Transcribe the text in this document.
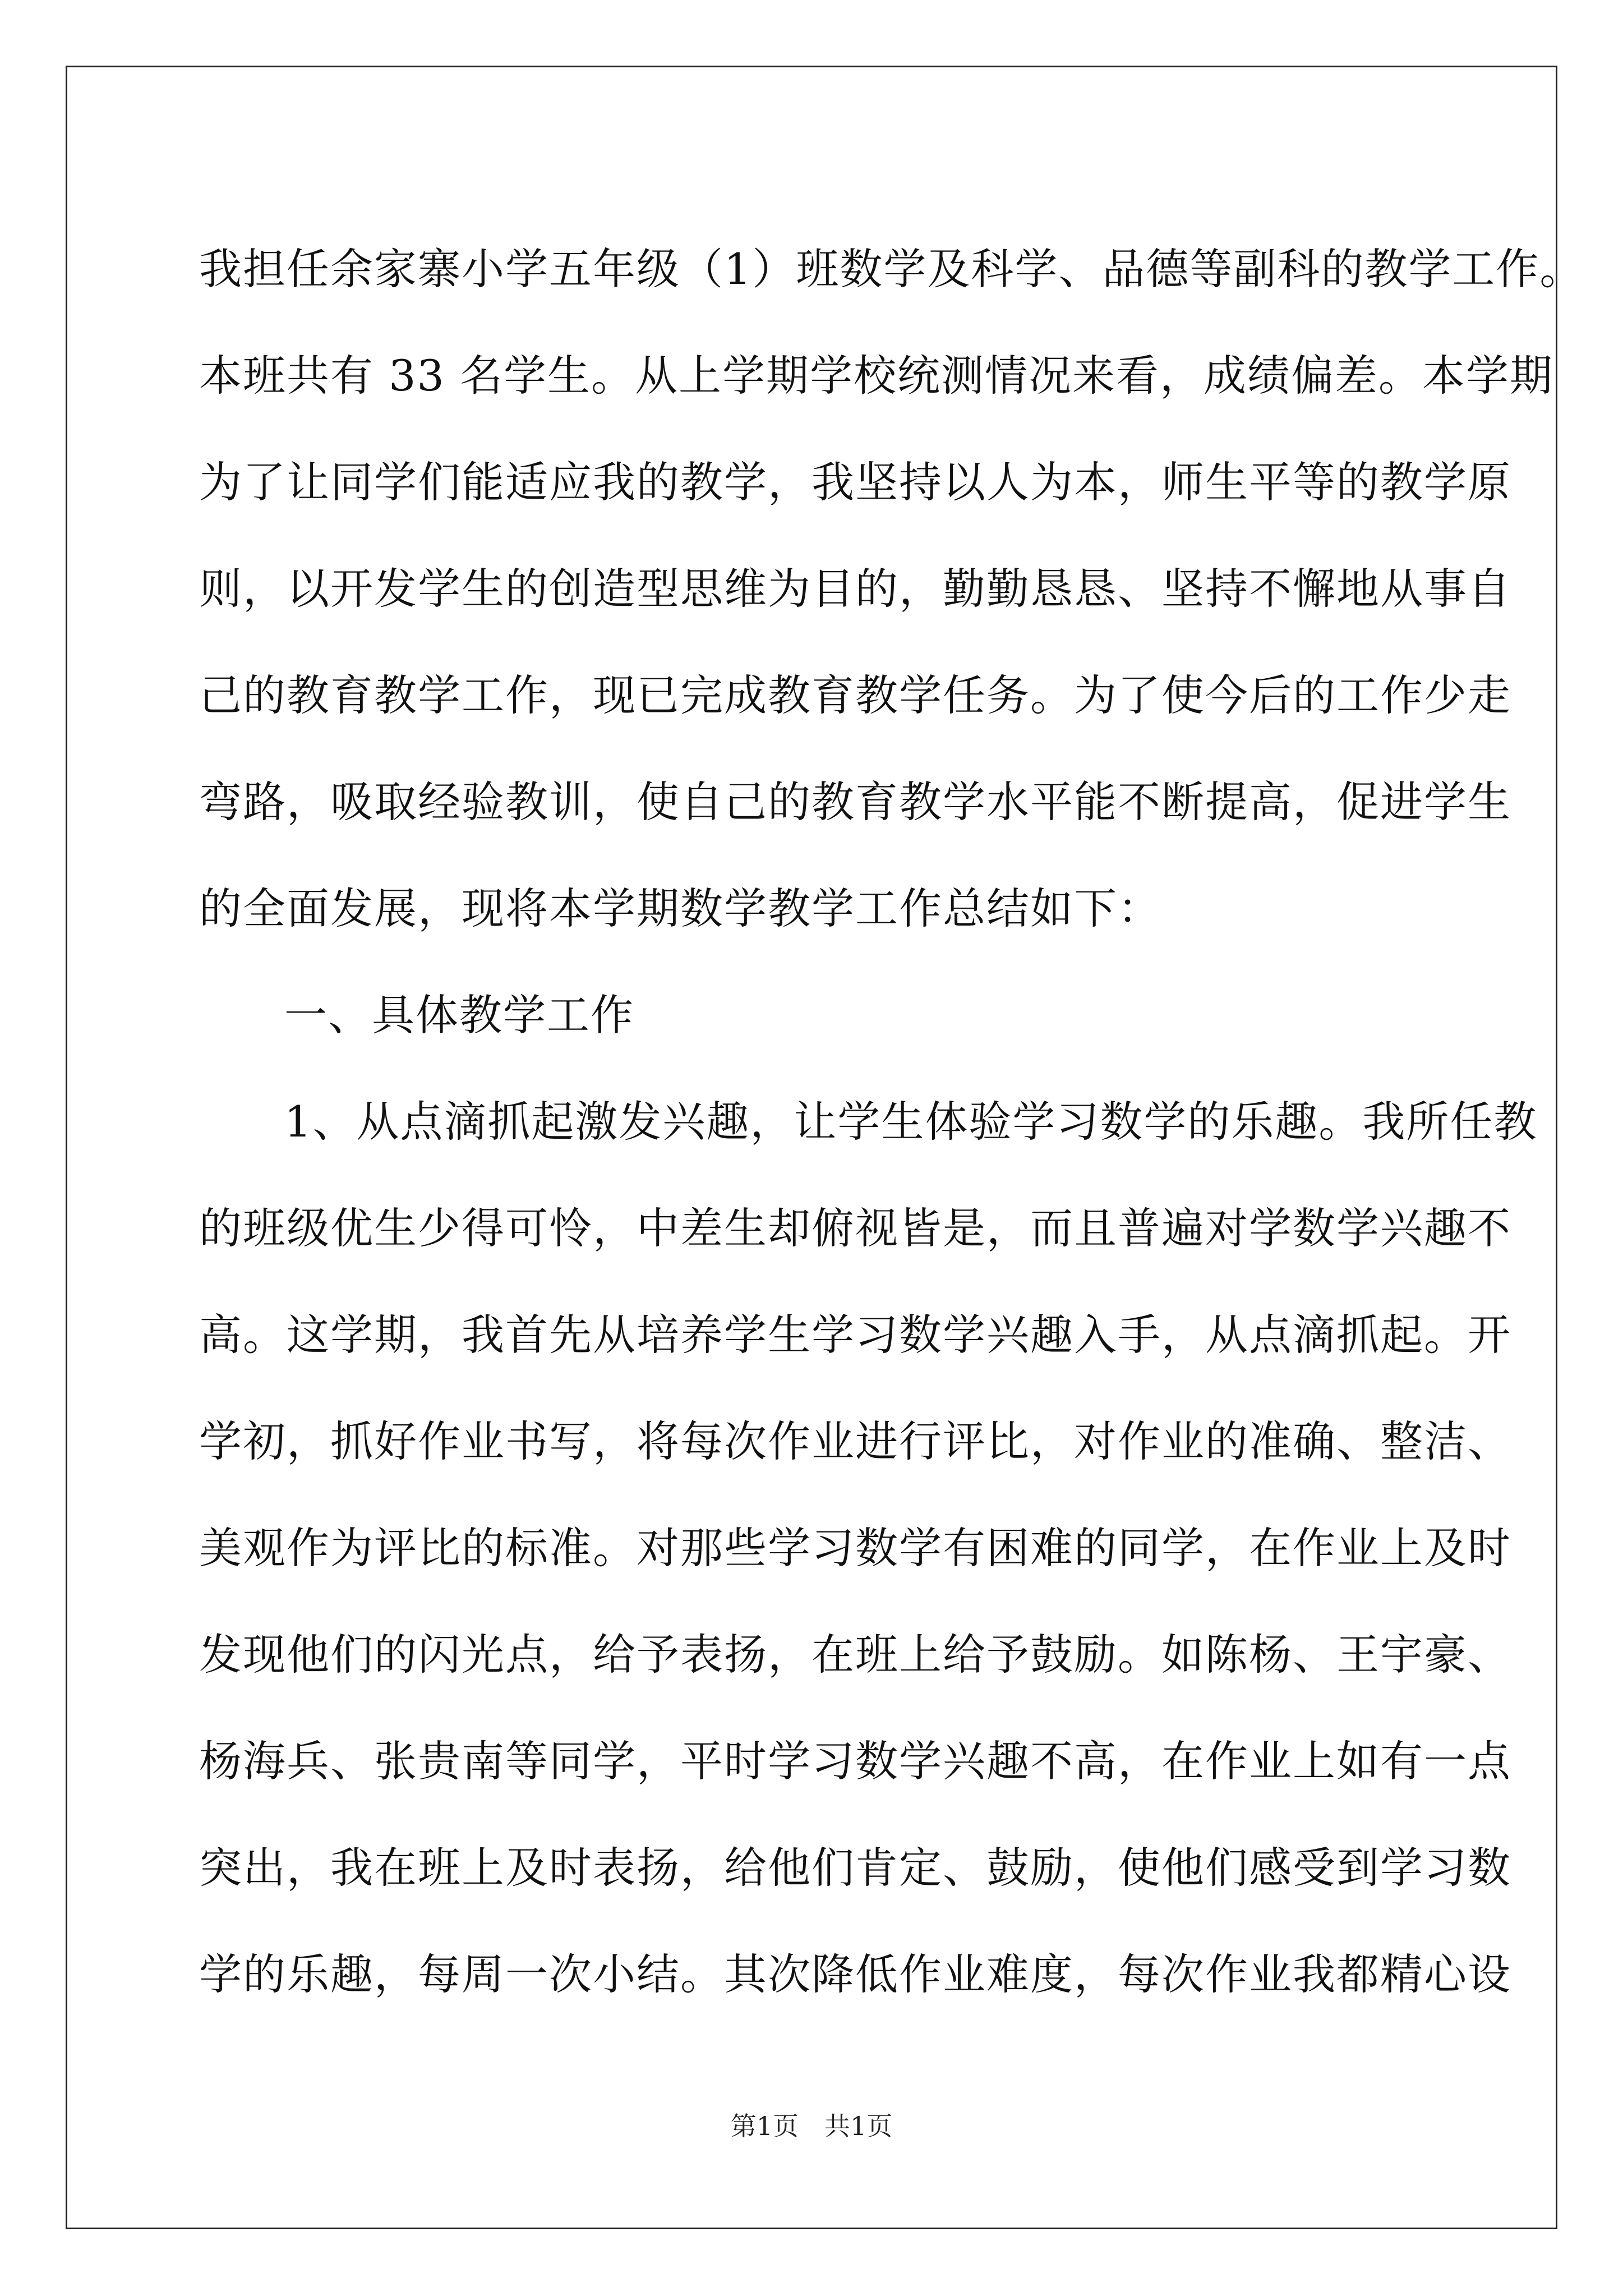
我担任余家寨小学五年级（1）班数学及科学、品德等副科的教学工作。
本班共有 33 名学生。从上学期学校统测情况来看，成绩偏差。本学期
为了让同学们能适应我的教学，我坚持以人为本，师生平等的教学原
则，以开发学生的创造型思维为目的，勤勤恳恳、坚持不懈地从事自
己的教育教学工作，现已完成教育教学任务。为了使今后的工作少走
弯路，吸取经验教训，使自己的教育教学水平能不断提高，促进学生
的全面发展，现将本学期数学教学工作总结如下：
一、具体教学工作
1、从点滴抓起激发兴趣，让学生体验学习数学的乐趣。我所任教
的班级优生少得可怜，中差生却俯视皆是，而且普遍对学数学兴趣不
高。这学期，我首先从培养学生学习数学兴趣入手，从点滴抓起。开
学初，抓好作业书写，将每次作业进行评比，对作业的准确、整洁、
美观作为评比的标准。对那些学习数学有困难的同学，在作业上及时
发现他们的闪光点，给予表扬，在班上给予鼓励。如陈杨、王宇豪、
杨海兵、张贵南等同学，平时学习数学兴趣不高，在作业上如有一点
突出，我在班上及时表扬，给他们肯定、鼓励，使他们感受到学习数
学的乐趣，每周一次小结。其次降低作业难度，每次作业我都精心设
第1页 共1页
